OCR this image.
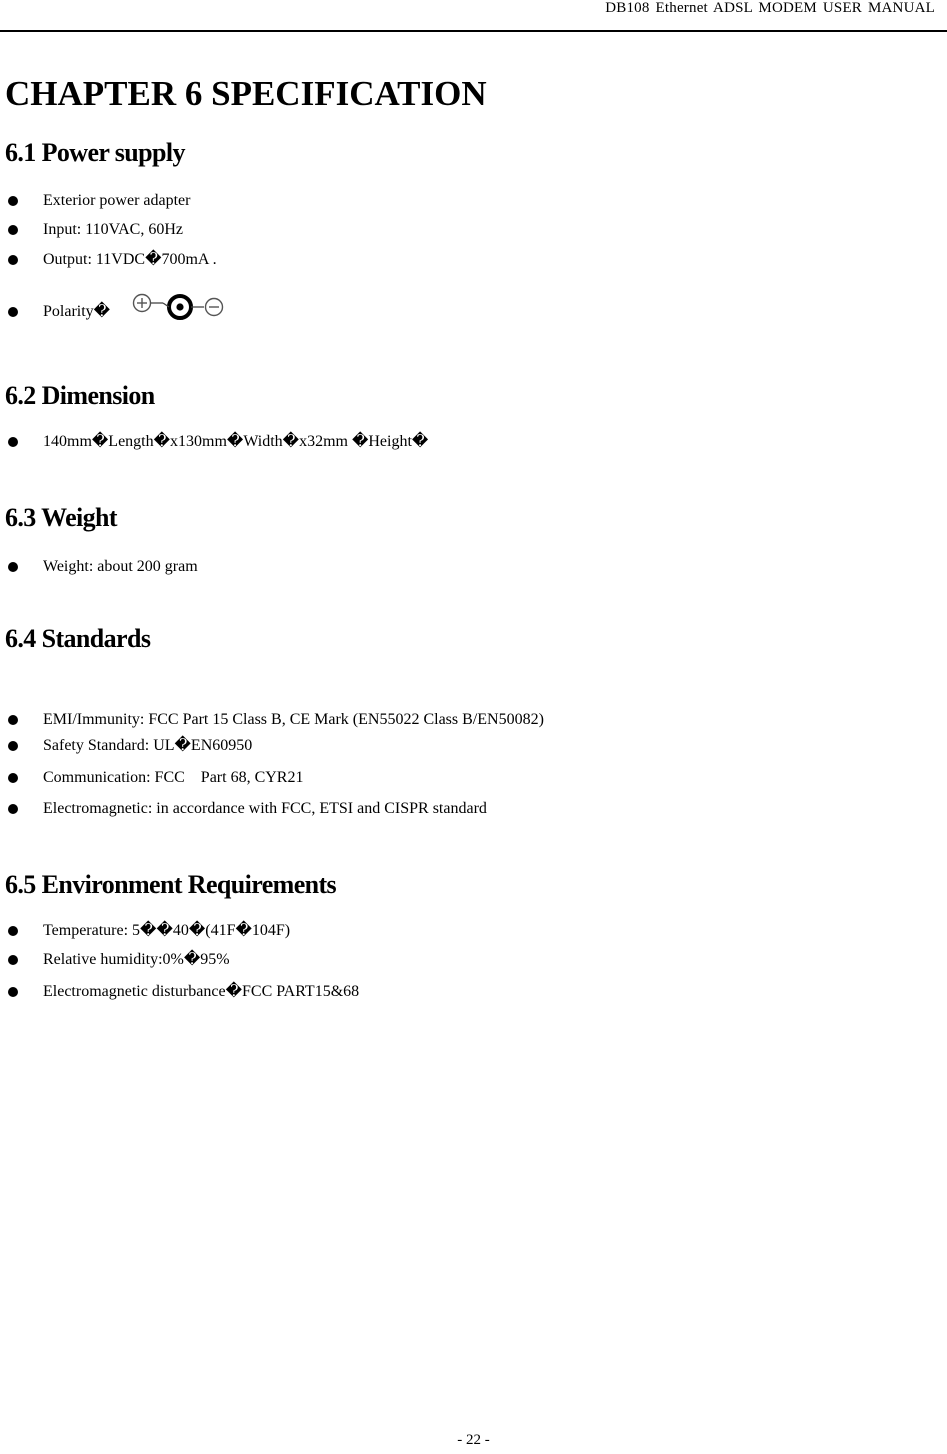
DB108 Ethernet ADSL MODEM USER MANUAL
CHAPTER 6 SPECIFICATION
6.1 Power supply
Exterior power adapter
Input: 110VAC, 60Hz
Output: 11VDC�700mA .
Polarity�
6.2 Dimension
140mm�Length�x130mm�Width�x32mm �Height�
6.3 Weight
Weight: about 200 gram
6.4 Standards
EMI/Immunity: FCC Part 15 Class B, CE Mark (EN55022 Class B/EN50082)
Safety Standard: UL�EN60950
Communication: FCC    Part 68, CYR21
Electromagnetic: in accordance with FCC, ETSI and CISPR standard
6.5 Environment Requirements
Temperature: 5��40�(41F�104F)
Relative humidity:0%�95%
Electromagnetic disturbance�FCC PART15&68
- 22 -
